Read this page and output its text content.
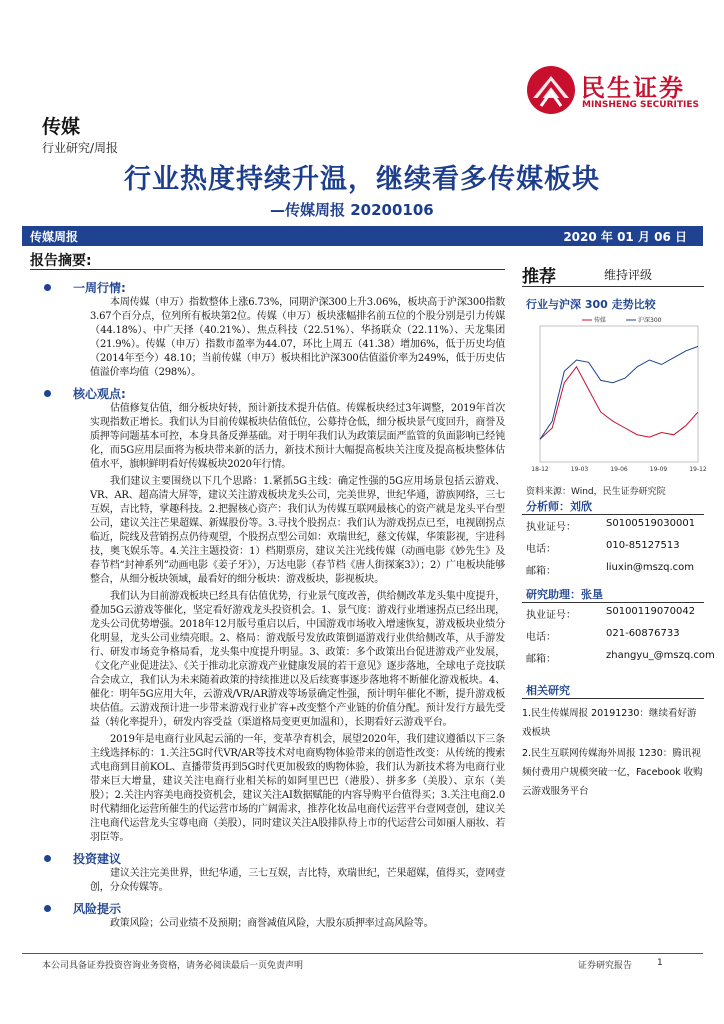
民生证券
MINSHENG SECURITIES
传媒
行业研究/周报
行业热度持续升温，继续看多传媒板块
—传媒周报 20200106
传媒周报	2020 年 01 月 06 日
报告摘要:
一周行情:

本周传媒（申万）指数整体上涨6.73%，同期沪深300上升3.06%，板块高于沪深300指数3.67个百分点，位列所有板块第2位。传媒（申万）板块涨幅排名前五位的个股分别是引力传媒（44.18%）、中广天择（40.21%）、焦点科技（22.51%）、华扬联众（22.11%）、天龙集团（21.9%）。传媒（申万）指数市盈率为44.07，环比上周五（41.38）增加6%，低于历史均值（2014年至今）48.10；当前传媒（申万）板块相比沪深300估值溢价率为249%，低于历史估值溢价率均值（298%）。

核心观点:

估值修复估值，细分板块好转，预计新技术提升估值。传媒板块经过3年调整，2019年首次实现指数正增长。我们认为目前传媒板块估值低位，公募持仓低，细分板块景气度回升，商誉及质押等问题基本可控，本身具备反弹基础。对于明年我们认为政策层面严监管的负面影响已经钝化，而5G应用层面将为板块带来新的活力，新技术预计大幅提高板块关注度及提高板块整体估值水平，旗帜鲜明看好传媒板块2020年行情。

我们建议主要围绕以下几个思路：1.紧抓5G主线：确定性强的5G应用场景包括云游戏、VR、AR、超高清大屏等，建议关注游戏板块龙头公司，完美世界，世纪华通，游族网络，三七互娱，吉比特，掌趣科技。2.把握核心资产：我们认为传媒互联网最核心的资产就是龙头平台型公司，建议关注芒果超媒、新媒股份等。3.寻找个股拐点：我们认为游戏拐点已至，电视剧拐点临近，院线及营销拐点仍待观望，个股拐点型公司如：欢瑞世纪，慈文传媒，华策影视，宇进科技，奥飞娱乐等。4.关注主题投资：1）档期票房，建议关注光线传媒（动画电影《妙先生》及春节档“封神系列”动画电影《姜子牙》），万达电影（春节档《唐人街探案3》）；2）广电板块能够整合，从细分板块领域，最看好的细分板块：游戏板块，影视板块。

我们认为目前游戏板块已经具有估值优势，行业景气度改善，供给侧改革龙头集中度提升，叠加5G云游戏等催化，坚定看好游戏龙头投资机会。1、景气度：游戏行业增速拐点已经出现，龙头公司优势增强。2018年12月版号重启以后，中国游戏市场收入增速恢复，游戏板块业绩分化明显，龙头公司业绩亮眼。2、格局：游戏版号发放政策倒逼游戏行业供给侧改革，从手游发行、研发市场竞争格局看，龙头集中度提升明显。3、政策：多个政策出台促进游戏产业发展，《文化产业促进法》、《关于推动北京游戏产业健康发展的若干意见》逐步落地，全球电子竞技联合会成立，我们认为未来随着政策的持续推进以及后续赛事逐步落地将不断催化游戏板块。4、催化：明年5G应用大年，云游戏/VR/AR游戏等场景确定性强，预计明年催化不断，提升游戏板块估值。云游戏预计进一步带来游戏行业扩容+改变整个产业链的价值分配。预计发行方最先受益（转化率提升），研发内容受益（渠道格局变更更加温和），长期看好云游戏平台。

2019年是电商行业风起云涌的一年，变革孕育机会，展望2020年，我们建议遵循以下三条主线选择标的：1.关注5G时代VR/AR等技术对电商购物体验带来的创造性改变：从传统的搜索式电商到目前KOL、直播带货再到5G时代更加极致的购物体验，我们认为新技术将为电商行业带来巨大增量，建议关注电商行业相关标的如阿里巴巴（港股）、拼多多（美股）、京东（美股）；2.关注内容美电商投资机会，建议关注AI数据赋能的内容导购平台值得买；3.关注电商2.0时代精细化运营所催生的代运营市场的广阔需求，推荐化妆品电商代运营平台壹网壹创，建议关注电商代运营龙头宝尊电商（美股），同时建议关注A股排队待上市的代运营公司如丽人丽妆、若羽臣等。

投资建议

建议关注完美世界，世纪华通，三七互娱，吉比特，欢瑞世纪，芒果超媒，值得买，壹网壹创，分众传媒等。

风险提示

政策风险；公司业绩不及预期；商誉减值风险，大股东质押率过高风险等。

推荐	维持评级
行业与沪深 300 走势比较
传媒	沪深300
18-12	19-03	19-06	19-09	19-12
资料来源：Wind，民生证券研究院
分析师：刘欣
执业证号：	S0100519030001
电话：	010-85127513
邮箱：	liuxin@mszq.com
研究助理：张垦
执业证号：	S0100119070042
电话：	021-60876733
邮箱：	zhangyu_@mszq.com
相关研究
1.民生传媒周报 20191230：继续看好游戏板块
2.民生互联网传媒海外周报 1230：腾讯视频付费用户规模突破一亿，Facebook 收购云游戏服务平台
本公司具备证券投资咨询业务资格，请务必阅读最后一页免责声明	证券研究报告	1
